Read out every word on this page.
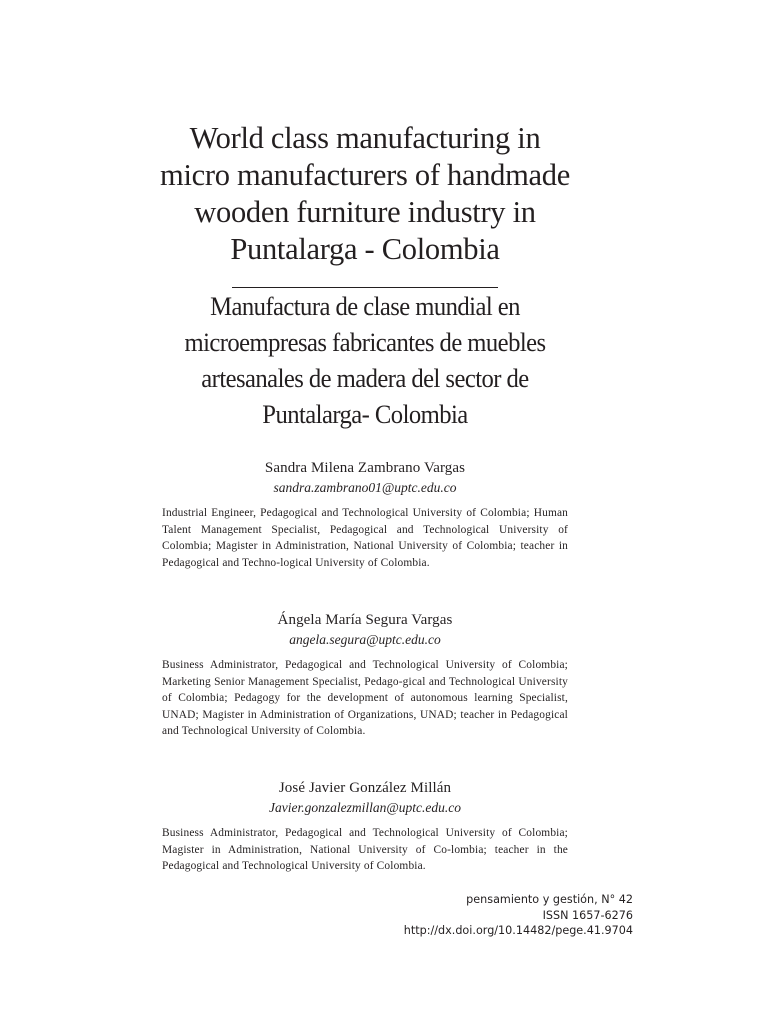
World class manufacturing in
micro manufacturers of handmade
wooden furniture industry in
Puntalarga - Colombia
Manufactura de clase mundial en
microempresas fabricantes de muebles
artesanales de madera del sector de
Puntalarga- Colombia
Sandra Milena Zambrano Vargas
sandra.zambrano01@uptc.edu.co
Industrial Engineer, Pedagogical and Technological University of Colombia; Human Talent Management Specialist, Pedagogical and Technological University of Colombia; Magister in Administration, National University of Colombia; teacher in Pedagogical and Techno-logical University of Colombia.
Ángela María Segura Vargas
angela.segura@uptc.edu.co
Business Administrator, Pedagogical and Technological University of Colombia; Marketing Senior Management Specialist, Pedago-gical and Technological University of Colombia; Pedagogy for the development of autonomous learning Specialist, UNAD; Magister in Administration of Organizations, UNAD; teacher in Pedagogical and Technological University of Colombia.
José Javier González Millán
Javier.gonzalezmillan@uptc.edu.co
Business Administrator, Pedagogical and Technological University of Colombia; Magister in Administration, National University of Co-lombia; teacher in the Pedagogical and Technological University of Colombia.
pensamiento y gestión, N° 42
ISSN 1657-6276
http://dx.doi.org/10.14482/pege.41.9704
